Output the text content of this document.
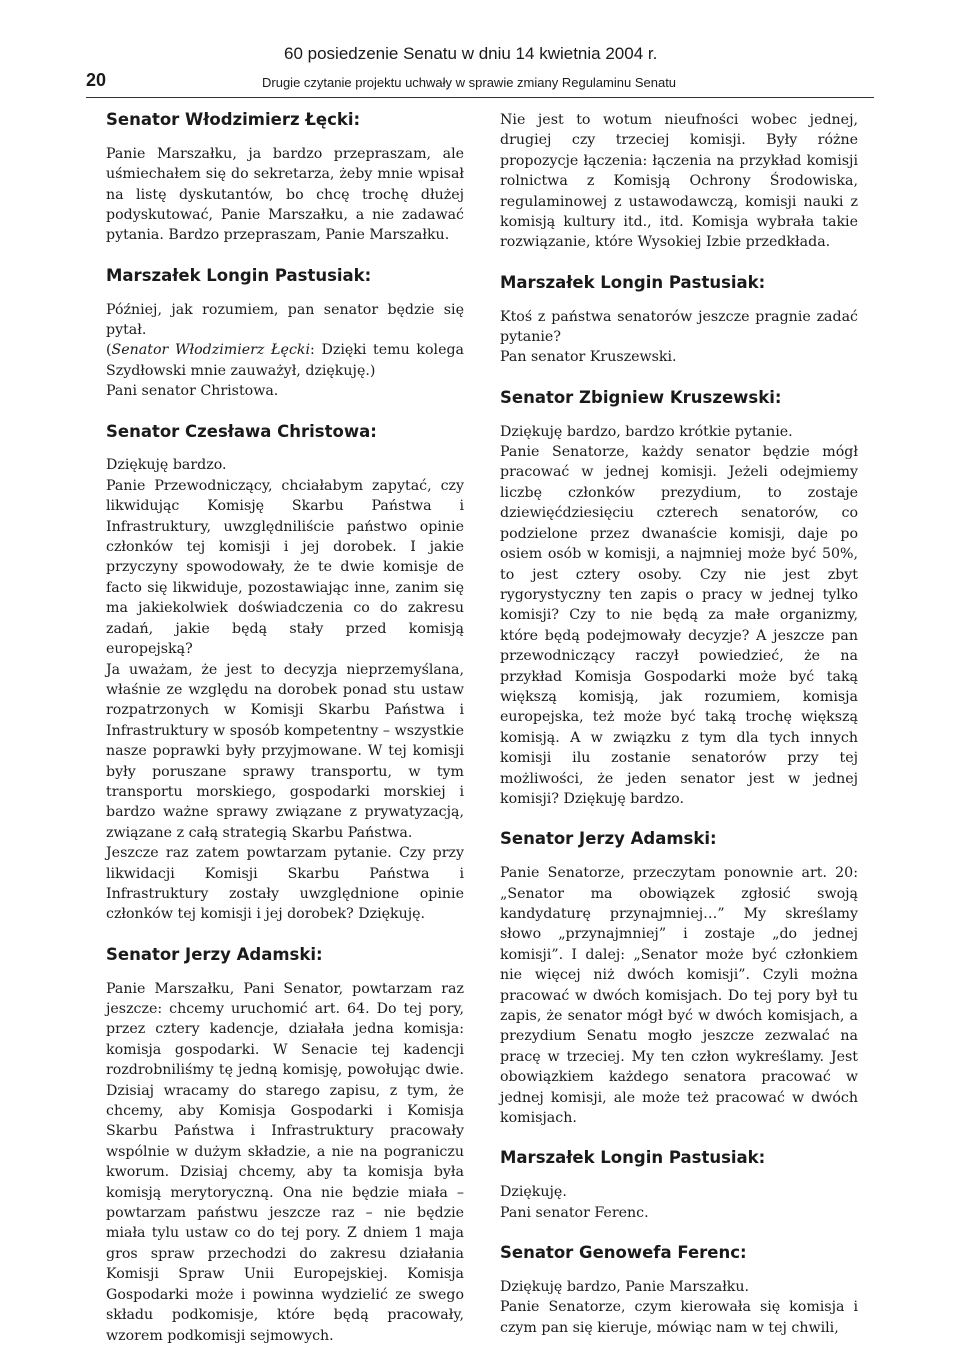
20
60 posiedzenie Senatu w dniu 14 kwietnia 2004 r.
Drugie czytanie projektu uchwały w sprawie zmiany Regulaminu Senatu

Senator Włodzimierz Łęcki:

Panie Marszałku, ja bardzo przepraszam, ale uśmiechałem się do sekretarza, żeby mnie wpisał na listę dyskutantów, bo chcę trochę dłużej podyskutować, Panie Marszałku, a nie zadawać pytania. Bardzo przepraszam, Panie Marszałku.

Marszałek Longin Pastusiak:

Później, jak rozumiem, pan senator będzie się pytał.

(Senator Włodzimierz Łęcki: Dzięki temu kolega Szydłowski mnie zauważył, dziękuję.)

Pani senator Christowa.

Senator Czesława Christowa:

Dziękuję bardzo.

Panie Przewodniczący, chciałabym zapytać, czy likwidując Komisję Skarbu Państwa i Infrastruktury, uwzględniliście państwo opinie członków tej komisji i jej dorobek. I jakie przyczyny spowodowały, że te dwie komisje de facto się likwiduje, pozostawiając inne, zanim się ma jakiekolwiek doświadczenia co do zakresu zadań, jakie będą stały przed komisją europejską?

Ja uważam, że jest to decyzja nieprzemyślana, właśnie ze względu na dorobek ponad stu ustaw rozpatrzonych w Komisji Skarbu Państwa i Infrastruktury w sposób kompetentny – wszystkie nasze poprawki były przyjmowane. W tej komisji były poruszane sprawy transportu, w tym transportu morskiego, gospodarki morskiej i bardzo ważne sprawy związane z prywatyzacją, związane z całą strategią Skarbu Państwa.

Jeszcze raz zatem powtarzam pytanie. Czy przy likwidacji Komisji Skarbu Państwa i Infrastruktury zostały uwzględnione opinie członków tej komisji i jej dorobek? Dziękuję.

Senator Jerzy Adamski:

Panie Marszałku, Pani Senator, powtarzam raz jeszcze: chcemy uruchomić art. 64. Do tej pory, przez cztery kadencje, działała jedna komisja: komisja gospodarki. W Senacie tej kadencji rozdrobniliśmy tę jedną komisję, powołując dwie. Dzisiaj wracamy do starego zapisu, z tym, że chcemy, aby Komisja Gospodarki i Komisja Skarbu Państwa i Infrastruktury pracowały wspólnie w dużym składzie, a nie na pograniczu kworum. Dzisiaj chcemy, aby ta komisja była komisją merytoryczną. Ona nie będzie miała – powtarzam państwu jeszcze raz – nie będzie miała tylu ustaw co do tej pory. Z dniem 1 maja gros spraw przechodzi do zakresu działania Komisji Spraw Unii Europejskiej. Komisja Gospodarki może i powinna wydzielić ze swego składu podkomisje, które będą pracowały, wzorem podkomisji sejmowych.

Nie jest to wotum nieufności wobec jednej, drugiej czy trzeciej komisji. Były różne propozycje łączenia: łączenia na przykład komisji rolnictwa z Komisją Ochrony Środowiska, regulaminowej z ustawodawczą, komisji nauki z komisją kultury itd., itd. Komisja wybrała takie rozwiązanie, które Wysokiej Izbie przedkłada.

Marszałek Longin Pastusiak:

Ktoś z państwa senatorów jeszcze pragnie zadać pytanie?

Pan senator Kruszewski.

Senator Zbigniew Kruszewski:

Dziękuję bardzo, bardzo krótkie pytanie.

Panie Senatorze, każdy senator będzie mógł pracować w jednej komisji. Jeżeli odejmiemy liczbę członków prezydium, to zostaje dziewięćdziesięciu czterech senatorów, co podzielone przez dwanaście komisji, daje po osiem osób w komisji, a najmniej może być 50%, to jest cztery osoby. Czy nie jest zbyt rygorystyczny ten zapis o pracy w jednej tylko komisji? Czy to nie będą za małe organizmy, które będą podejmowały decyzje? A jeszcze pan przewodniczący raczył powiedzieć, że na przykład Komisja Gospodarki może być taką większą komisją, jak rozumiem, komisja europejska, też może być taką trochę większą komisją. A w związku z tym dla tych innych komisji ilu zostanie senatorów przy tej możliwości, że jeden senator jest w jednej komisji? Dziękuję bardzo.

Senator Jerzy Adamski:

Panie Senatorze, przeczytam ponownie art. 20: „Senator ma obowiązek zgłosić swoją kandydaturę przynajmniej…” My skreślamy słowo „przynajmniej” i zostaje „do jednej komisji”. I dalej: „Senator może być członkiem nie więcej niż dwóch komisji”. Czyli można pracować w dwóch komisjach. Do tej pory był tu zapis, że senator mógł być w dwóch komisjach, a prezydium Senatu mogło jeszcze zezwalać na pracę w trzeciej. My ten człon wykreślamy. Jest obowiązkiem każdego senatora pracować w jednej komisji, ale może też pracować w dwóch komisjach.

Marszałek Longin Pastusiak:

Dziękuję.

Pani senator Ferenc.

Senator Genowefa Ferenc:

Dziękuję bardzo, Panie Marszałku.

Panie Senatorze, czym kierowała się komisja i czym pan się kieruje, mówiąc nam w tej chwili,
